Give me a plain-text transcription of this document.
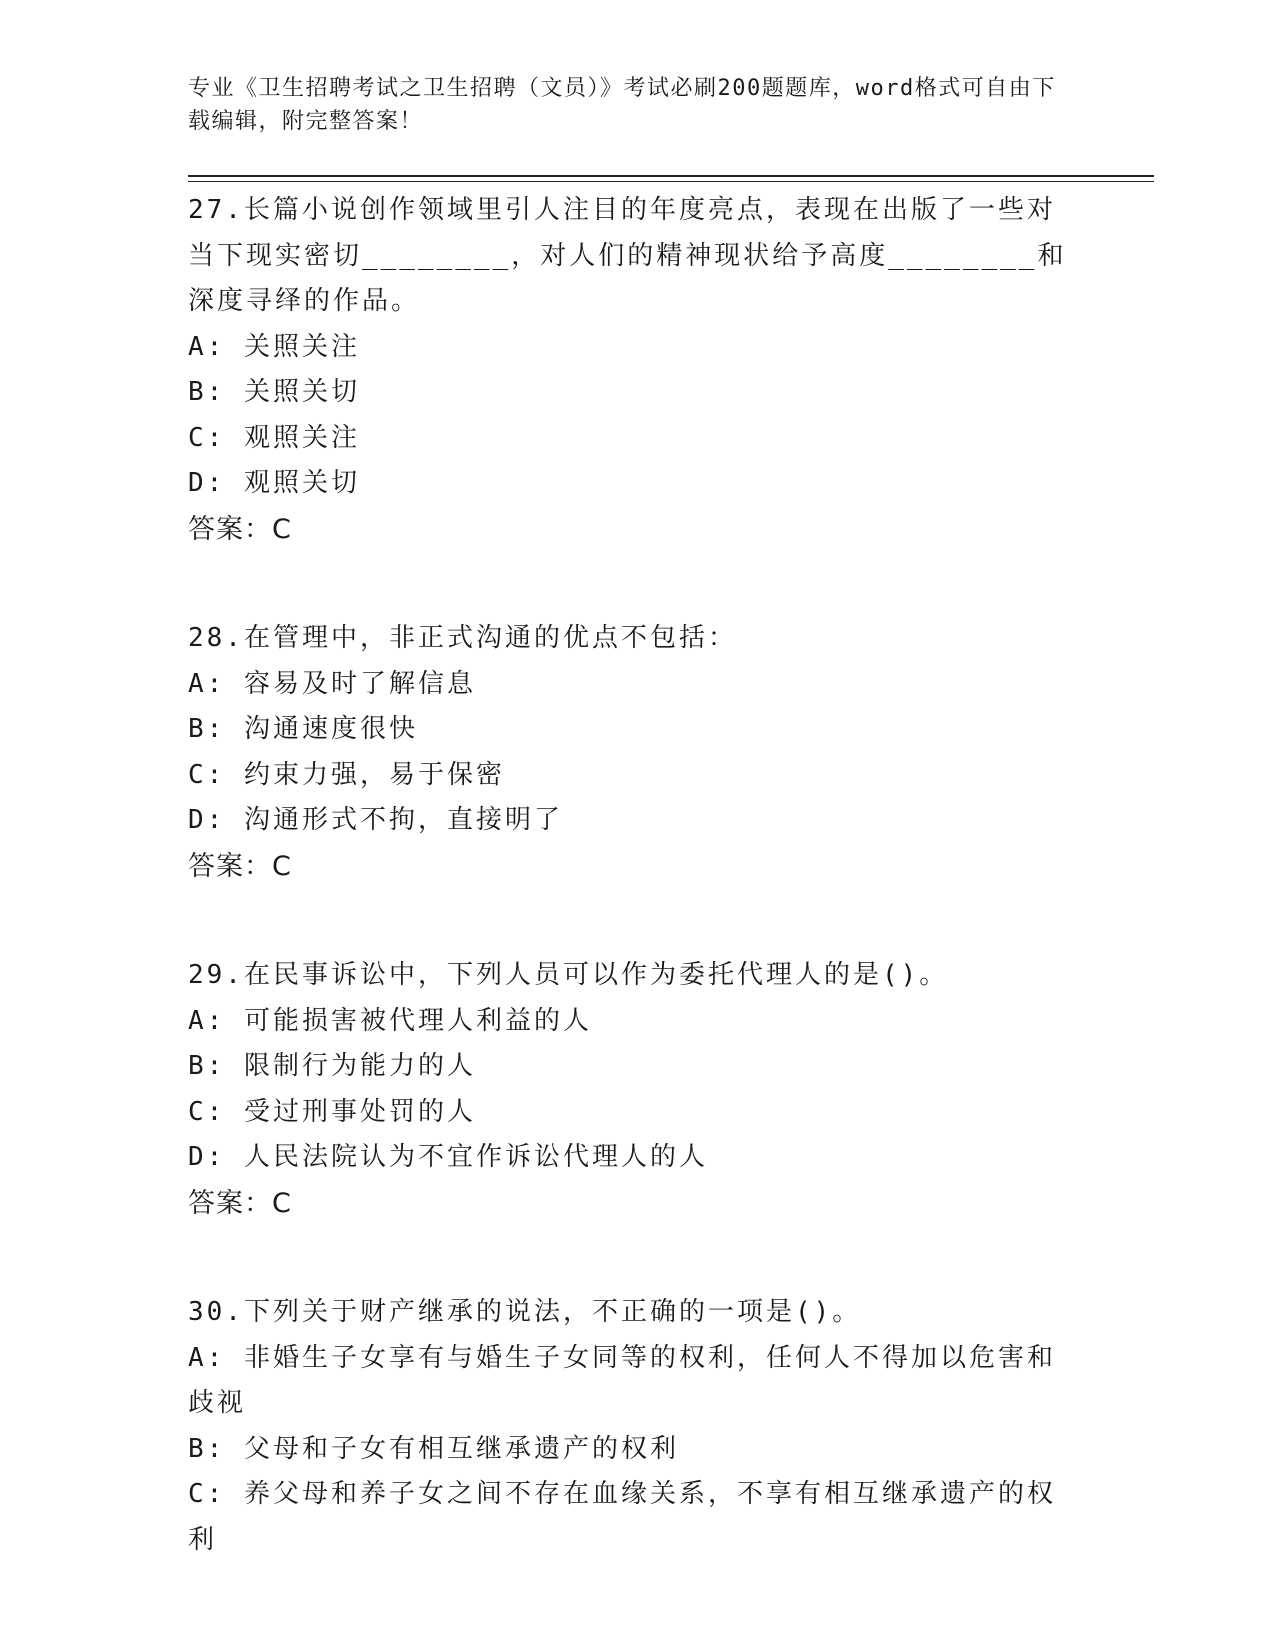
专业《卫生招聘考试之卫生招聘（文员）》考试必刷200题题库，word格式可自由下载编辑，附完整答案！

27.长篇小说创作领域里引人注目的年度亮点，表现在出版了一些对当下现实密切________，对人们的精神现状给予高度________和深度寻绎的作品。

A: 关照关注

B: 关照关切

C: 观照关注

D: 观照关切

答案：C

28.在管理中，非正式沟通的优点不包括：

A: 容易及时了解信息

B: 沟通速度很快

C: 约束力强，易于保密

D: 沟通形式不拘，直接明了

答案：C

29.在民事诉讼中，下列人员可以作为委托代理人的是()。

A: 可能损害被代理人利益的人

B: 限制行为能力的人

C: 受过刑事处罚的人

D: 人民法院认为不宜作诉讼代理人的人

答案：C

30.下列关于财产继承的说法，不正确的一项是()。

A: 非婚生子女享有与婚生子女同等的权利，任何人不得加以危害和歧视

B: 父母和子女有相互继承遗产的权利

C: 养父母和养子女之间不存在血缘关系，不享有相互继承遗产的权利
